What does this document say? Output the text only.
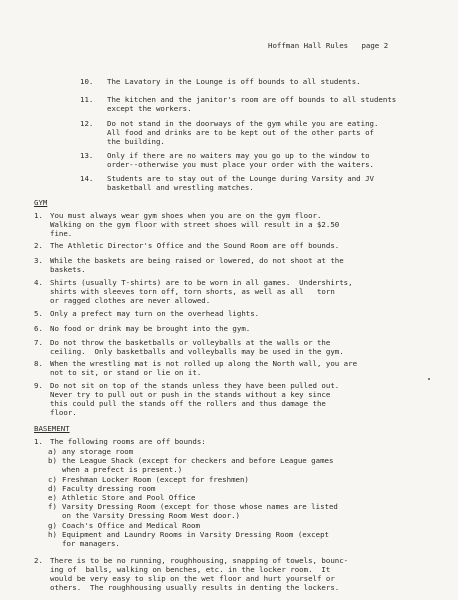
Hoffman Hall Rules   page 2
10. The Lavatory in the Lounge is off bounds to all students.
11. The kitchen and the janitor's room are off bounds to all students
except the workers.
12. Do not stand in the doorways of the gym while you are eating.
All food and drinks are to be kept out of the other parts of
the building.
13. Only if there are no waiters may you go up to the window to
order--otherwise you must place your order with the waiters.
14. Students are to stay out of the Lounge during Varsity and JV
basketball and wrestling matches.
GYM
1. You must always wear gym shoes when you are on the gym floor.
Walking on the gym floor with street shoes will result in a $2.50
fine.
2. The Athletic Director's Office and the Sound Room are off bounds.
3. While the baskets are being raised or lowered, do not shoot at the
baskets.
4. Shirts (usually T-shirts) are to be worn in all games.  Undershirts,
shirts with sleeves torn off, torn shorts, as well as all   torn
or ragged clothes are never allowed.
5. Only a prefect may turn on the overhead lights.
6. No food or drink may be brought into the gym.
7. Do not throw the basketballs or volleyballs at the walls or the
ceiling.  Only basketballs and volleyballs may be used in the gym.
8. When the wrestling mat is not rolled up along the North wall, you are
not to sit, or stand or lie on it.
9. Do not sit on top of the stands unless they have been pulled out.
Never try to pull out or push in the stands without a key since
this could pull the stands off the rollers and thus damage the
floor.
BASEMENT
1. The following rooms are off bounds:
a) any storage room
b) the League Shack (except for checkers and before League games
when a prefect is present.)
c) Freshman Locker Room (except for freshmen)
d) Faculty dressing room
e) Athletic Store and Pool Office
f) Varsity Dressing Room (except for those whose names are listed
on the Varsity Dressing Room West door.)
g) Coach's Office and Medical Room
h) Equipment and Laundry Rooms in Varsity Dressing Room (except
for managers.
2. There is to be no running, roughhousing, snapping of towels, bounc-
ing of  balls, walking on benches, etc. in the locker room.  It
would be very easy to slip on the wet floor and hurt yourself or
others.  The roughhousing usually results in denting the lockers.
